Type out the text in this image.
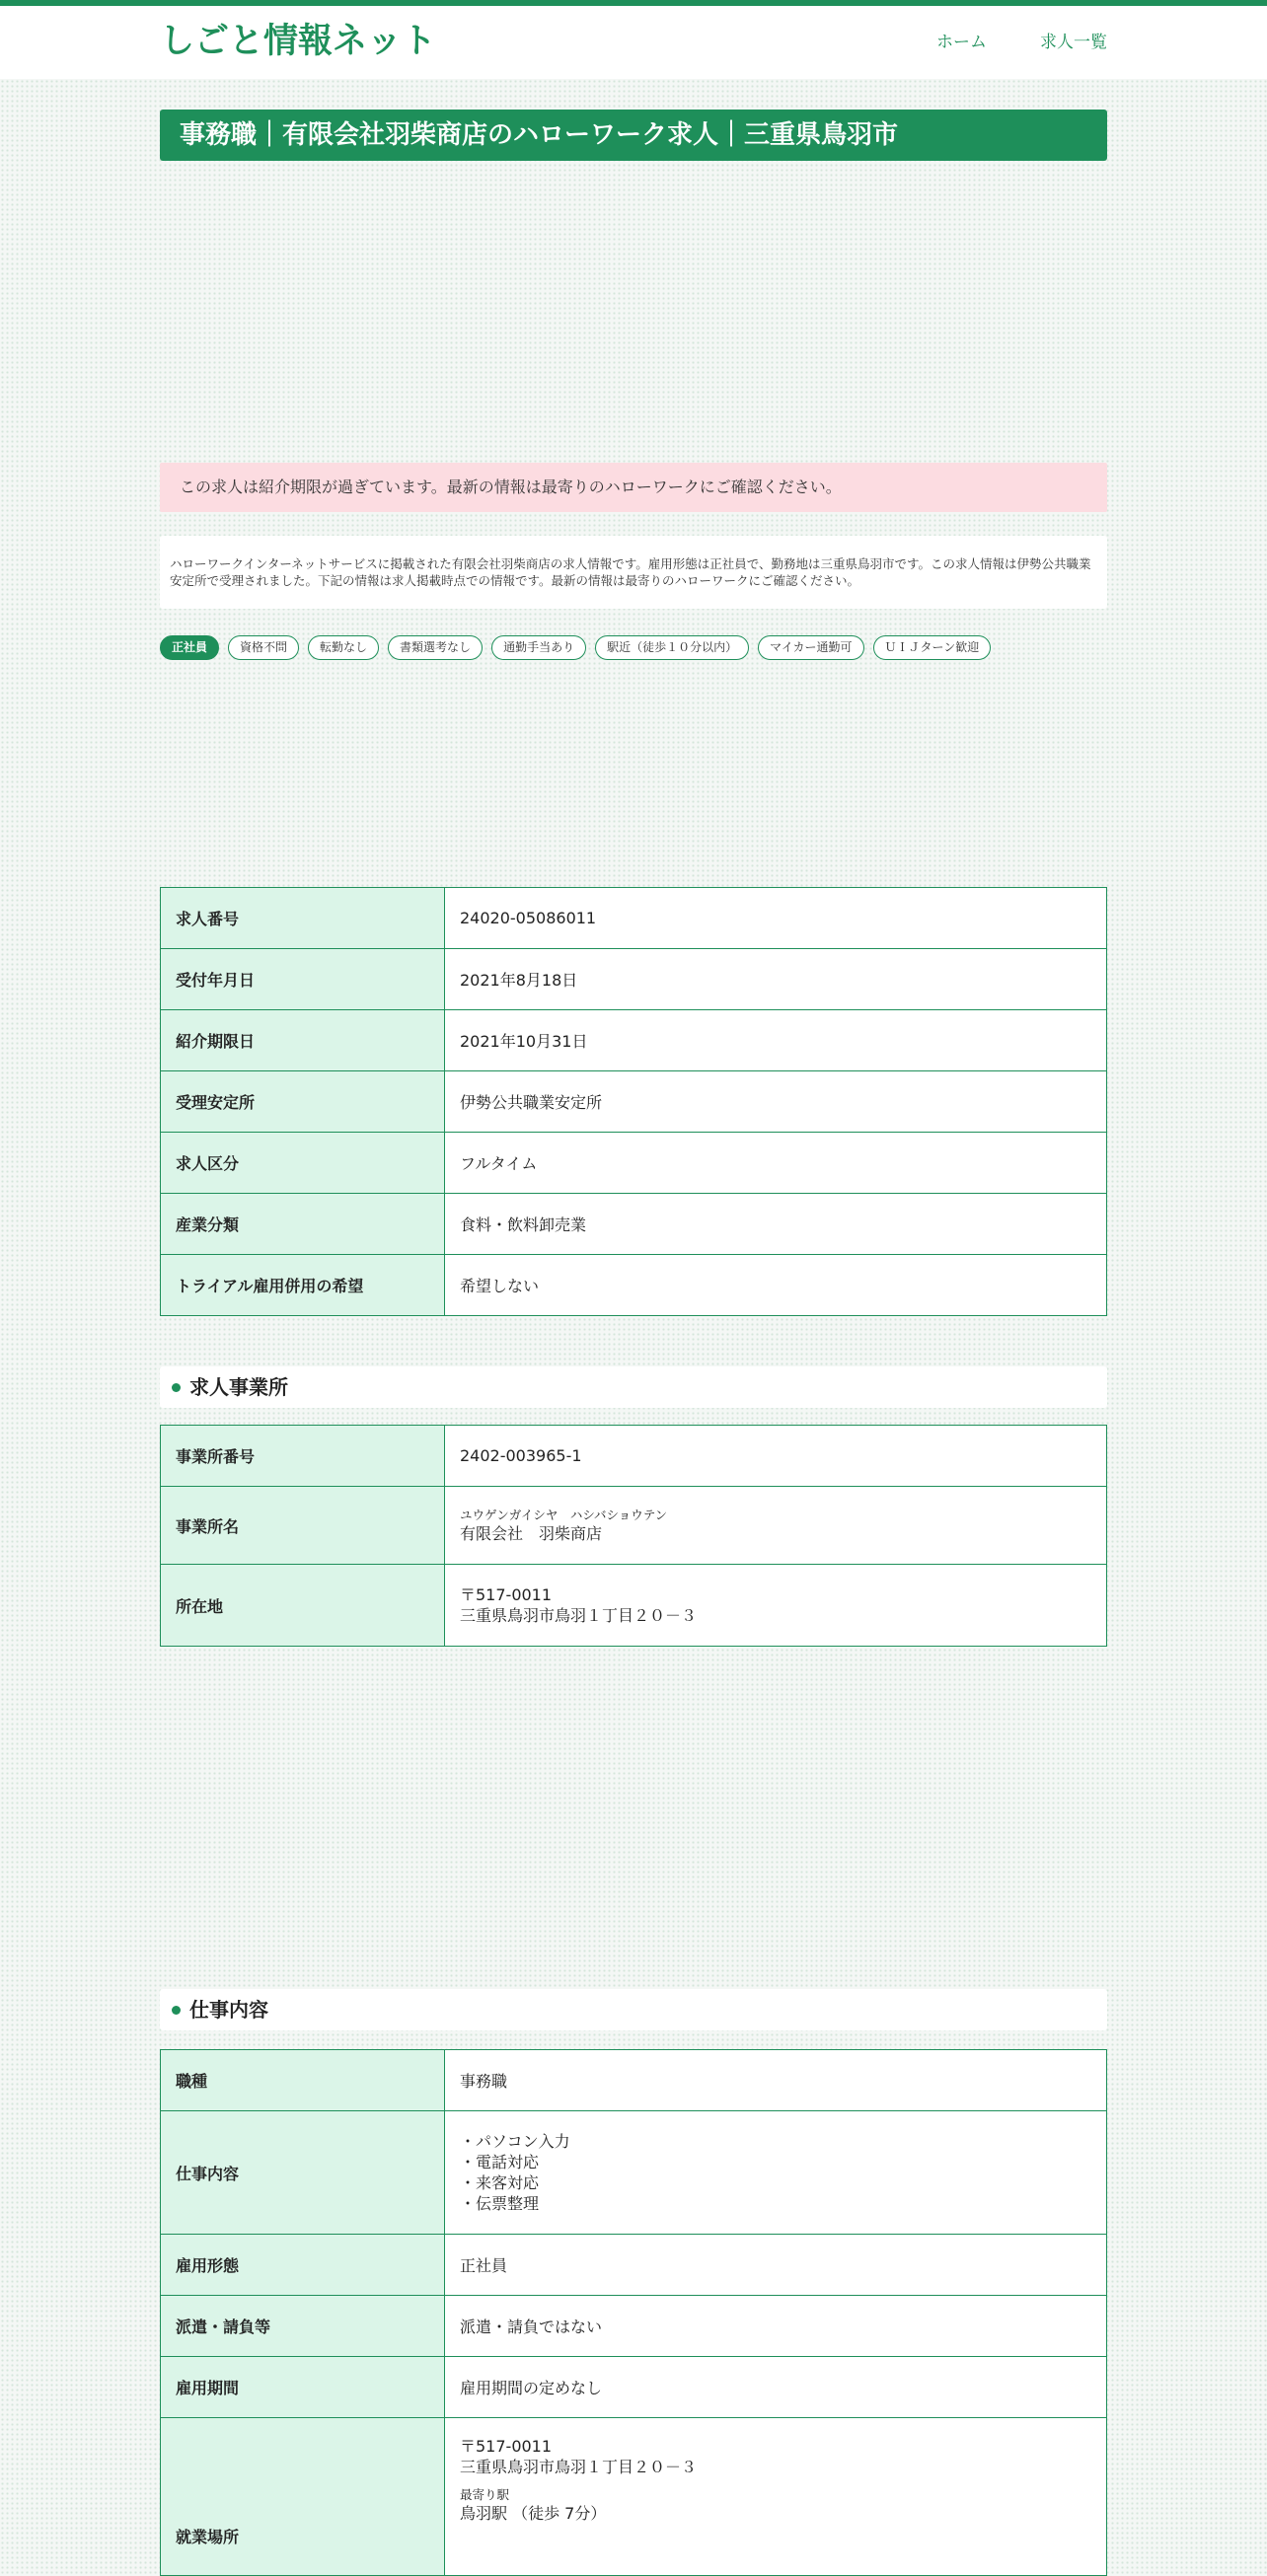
しごと情報ネット	ホーム	求人一覧
事務職｜有限会社羽柴商店のハローワーク求人｜三重県鳥羽市

この求人は紹介期限が過ぎています。最新の情報は最寄りのハローワークにご確認ください。

ハローワークインターネットサービスに掲載された有限会社羽柴商店の求人情報です。雇用形態は正社員で、勤務地は三重県鳥羽市です。この求人情報は伊勢公共職業安定所で受理されました。下記の情報は求人掲載時点での情報です。最新の情報は最寄りのハローワークにご確認ください。

正社員	資格不問	転勤なし	書類選考なし	通勤手当あり	駅近（徒歩１０分以内）	マイカー通勤可	ＵＩＪターン歓迎
求人番号	24020-05086011
受付年月日	2021年8月18日
紹介期限日	2021年10月31日
受理安定所	伊勢公共職業安定所
求人区分	フルタイム
産業分類	食料・飲料卸売業
トライアル雇用併用の希望	希望しない
求人事業所
事業所番号	2402-003965-1
事業所名	ユウゲンガイシヤ　ハシバショウテン
有限会社　羽柴商店

所在地	〒517-0011
三重県鳥羽市鳥羽１丁目２０－３
仕事内容
職種	事務職
仕事内容	・パソコン入力
・電話対応
・来客対応
・伝票整理

雇用形態	正社員
派遣・請負等	派遣・請負ではない
雇用期間	雇用期間の定めなし
就業場所	〒517-0011
三重県鳥羽市鳥羽１丁目２０－３
最寄り駅
鳥羽駅 （徒歩 7分）
